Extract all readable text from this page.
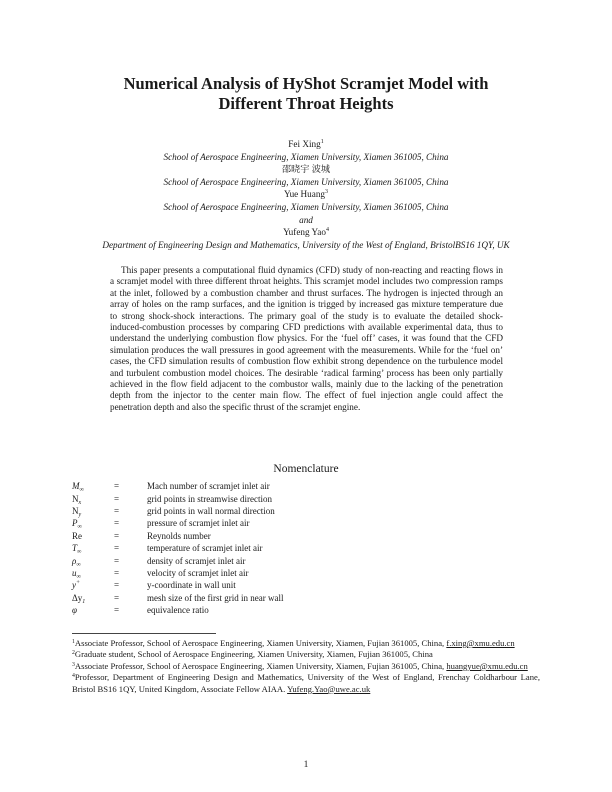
Numerical Analysis of HyShot Scramjet Model with
Different Throat Heights
Fei Xing$^1$
School of Aerospace Engineering, Xiamen University, Xiamen 361005, China
邵晓宇 波城
School of Aerospace Engineering, Xiamen University, Xiamen 361005, China
Yue Huang$^3$
School of Aerospace Engineering, Xiamen University, Xiamen 361005, China
and
Yufeng Yao$^4$
Department of Engineering Design and Mathematics, University of the West of England, BristolBS16 1QY, UK
This paper presents a computational fluid dynamics (CFD) study of non-reacting and reacting flows in a scramjet model with three different throat heights. This scramjet model includes two compression ramps at the inlet, followed by a combustion chamber and thrust surfaces. The hydrogen is injected through an array of holes on the ramp surfaces, and the ignition is trigged by increased gas mixture temperature due to strong shock-shock interactions. The primary goal of the study is to evaluate the detailed shock-induced-combustion processes by comparing CFD predictions with available experimental data, thus to understand the underlying combustion flow physics. For the ‘fuel off’ cases, it was found that the CFD simulation produces the wall pressures in good agreement with the measurements. While for the ‘fuel on’ cases, the CFD simulation results of combustion flow exhibit strong dependence on the turbulence model and turbulent combustion model choices. The desirable ‘radical farming’ process has been only partially achieved in the flow field adjacent to the combustor walls, mainly due to the lacking of the penetration depth from the injector to the center main flow. The effect of fuel injection angle could affect the penetration depth and also the specific thrust of the scramjet engine.
Nomenclature
$M_\infty$	=	Mach number of scramjet inlet air
$N_x$	=	grid points in streamwise direction
$N_y$	=	grid points in wall normal direction
$P_\infty$	=	pressure of scramjet inlet air
Re	=	Reynolds number
$T_\infty$	=	temperature of scramjet inlet air
$\rho_\infty$	=	density of scramjet inlet air
$u_\infty$	=	velocity of scramjet inlet air
y+	=	y-coordinate in wall unit
$\Delta y_1$	=	mesh size of the first grid in near wall
φ	=	equivalence ratio

$^1$Associate Professor, School of Aerospace Engineering, Xiamen University, Xiamen, Fujian 361005, China, f.xing@xmu.edu.cn

$^2$Graduate student, School of Aerospace Engineering, Xiamen University, Xiamen, Fujian 361005, China

$^3$Associate Professor, School of Aerospace Engineering, Xiamen University, Xiamen, Fujian 361005, China, huangyue@xmu.edu.cn

$^4$Professor, Department of Engineering Design and Mathematics, University of the West of England, Frenchay Coldharbour Lane, Bristol BS16 1QY, United Kingdom, Associate Fellow AIAA. Yufeng.Yao@uwe.ac.uk

1
